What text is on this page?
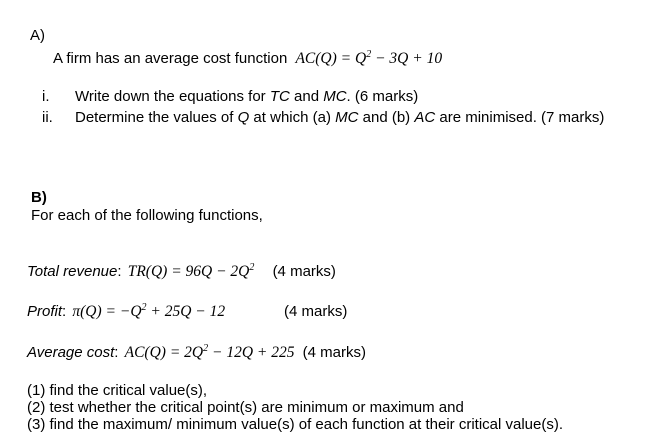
A)
A firm has an average cost function $AC(Q) = Q^2 - 3Q + 10$
i. Write down the equations for TC and MC. (6 marks)
ii. Determine the values of Q at which (a) MC and (b) AC are minimised. (7 marks)
B)
For each of the following functions,
Total revenue: $TR(Q) = 96Q - 2Q^2$ (4 marks)
Profit: $\pi(Q) = -Q^2 + 25Q - 12$	(4 marks)
Average cost: $AC(Q) = 2Q^2 - 12Q + 225$ (4 marks)
(1) find the critical value(s),
(2) test whether the critical point(s) are minimum or maximum and
(3) find the maximum/ minimum value(s) of each function at their critical value(s).
